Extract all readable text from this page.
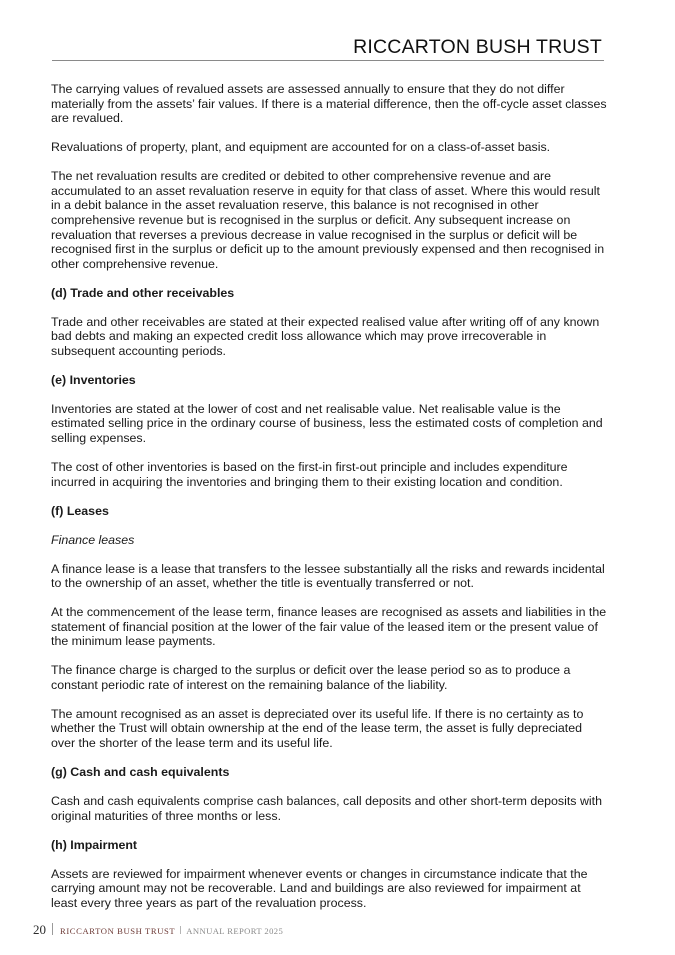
RICCARTON BUSH TRUST

The carrying values of revalued assets are assessed annually to ensure that they do not differ materially from the assets’ fair values. If there is a material difference, then the off-cycle asset classes are revalued.

Revaluations of property, plant, and equipment are accounted for on a class-of-asset basis.

The net revaluation results are credited or debited to other comprehensive revenue and are accumulated to an asset revaluation reserve in equity for that class of asset. Where this would result in a debit balance in the asset revaluation reserve, this balance is not recognised in other comprehensive revenue but is recognised in the surplus or deficit. Any subsequent increase on revaluation that reverses a previous decrease in value recognised in the surplus or deficit will be recognised first in the surplus or deficit up to the amount previously expensed and then recognised in other comprehensive revenue.

(d) Trade and other receivables

Trade and other receivables are stated at their expected realised value after writing off of any known bad debts and making an expected credit loss allowance which may prove irrecoverable in subsequent accounting periods.

(e) Inventories

Inventories are stated at the lower of cost and net realisable value. Net realisable value is the estimated selling price in the ordinary course of business, less the estimated costs of completion and selling expenses.

The cost of other inventories is based on the first-in first-out principle and includes expenditure incurred in acquiring the inventories and bringing them to their existing location and condition.

(f) Leases

Finance leases

A finance lease is a lease that transfers to the lessee substantially all the risks and rewards incidental to the ownership of an asset, whether the title is eventually transferred or not.

At the commencement of the lease term, finance leases are recognised as assets and liabilities in the statement of financial position at the lower of the fair value of the leased item or the present value of the minimum lease payments.

The finance charge is charged to the surplus or deficit over the lease period so as to produce a constant periodic rate of interest on the remaining balance of the liability.

The amount recognised as an asset is depreciated over its useful life. If there is no certainty as to whether the Trust will obtain ownership at the end of the lease term, the asset is fully depreciated over the shorter of the lease term and its useful life.

(g) Cash and cash equivalents

Cash and cash equivalents comprise cash balances, call deposits and other short-term deposits with original maturities of three months or less.

(h) Impairment

Assets are reviewed for impairment whenever events or changes in circumstance indicate that the carrying amount may not be recoverable. Land and buildings are also reviewed for impairment at least every three years as part of the revaluation process.

20 RICCARTON BUSH TRUST ANNUAL REPORT 2025
